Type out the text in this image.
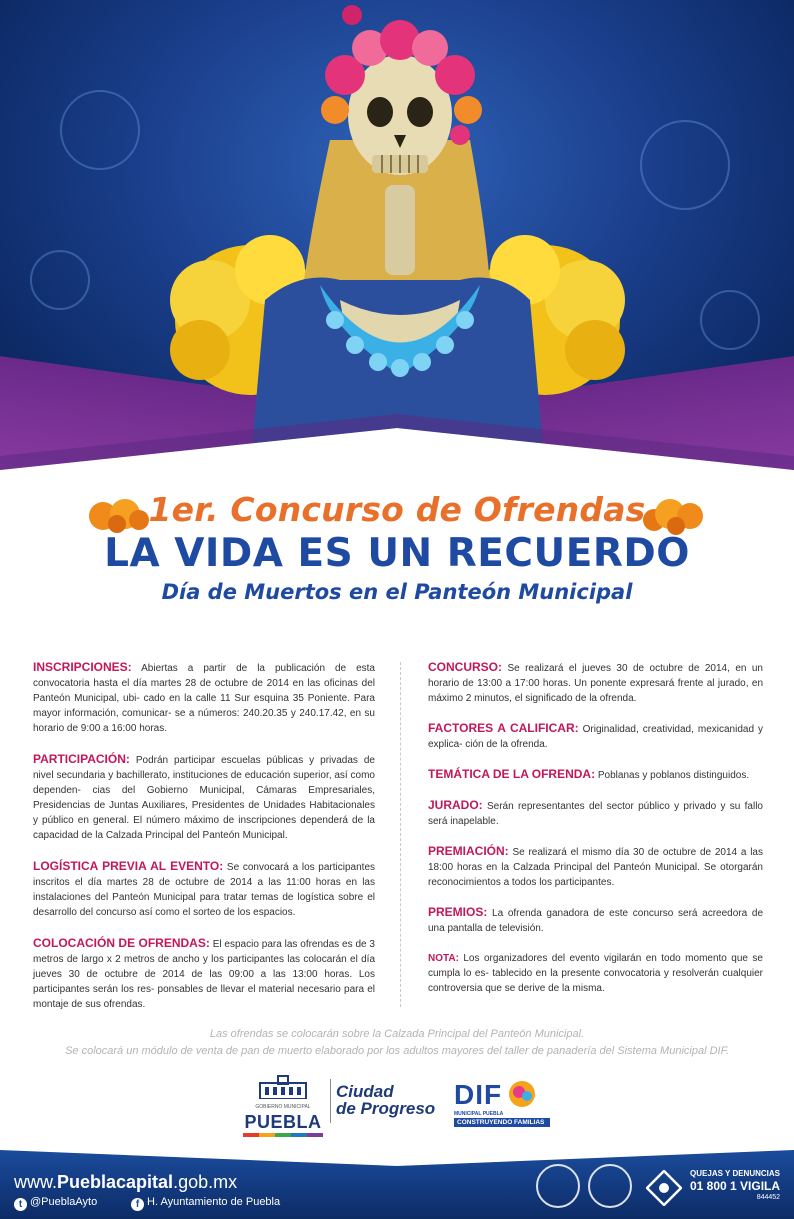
1er. Concurso de Ofrendas
LA VIDA ES UN RECUERDO
Día de Muertos en el Panteón Municipal
INSCRIPCIONES: Abiertas a partir de la publicación de esta convocatoria hasta el día martes 28 de octubre de 2014 en las oficinas del Panteón Municipal, ubi- cado en la calle 11 Sur esquina 35 Poniente. Para mayor información, comunicar- se a números: 240.20.35 y 240.17.42, en su horario de 9:00 a 16:00 horas.
PARTICIPACIÓN: Podrán participar escuelas públicas y privadas de nivel secundaria y bachillerato, instituciones de educación superior, así como dependen- cias del Gobierno Municipal, Cámaras Empresariales, Presidencias de Juntas Auxiliares, Presidentes de Unidades Habitacionales y público en general. El número máximo de inscripciones dependerá de la capacidad de la Calzada Principal del Panteón Municipal.
LOGÍSTICA PREVIA AL EVENTO: Se convocará a los participantes inscritos el día martes 28 de octubre de 2014 a las 11:00 horas en las instalaciones del Panteón Municipal para tratar temas de logística sobre el desarrollo del concurso así como el sorteo de los espacios.
COLOCACIÓN DE OFRENDAS: El espacio para las ofrendas es de 3 metros de largo x 2 metros de ancho y los participantes las colocarán el día jueves 30 de octubre de 2014 de las 09:00 a las 13:00 horas. Los participantes serán los res- ponsables de llevar el material necesario para el montaje de sus ofrendas.
CONCURSO: Se realizará el jueves 30 de octubre de 2014, en un horario de 13:00 a 17:00 horas. Un ponente expresará frente al jurado, en máximo 2 minutos, el significado de la ofrenda.
FACTORES A CALIFICAR: Originalidad, creatividad, mexicanidad y explica- ción de la ofrenda.
TEMÁTICA DE LA OFRENDA: Poblanas y poblanos distinguidos.
JURADO: Serán representantes del sector público y privado y su fallo será inapelable.
PREMIACIÓN: Se realizará el mismo día 30 de octubre de 2014 a las 18:00 horas en la Calzada Principal del Panteón Municipal. Se otorgarán reconocimientos a todos los participantes.
PREMIOS: La ofrenda ganadora de este concurso será acreedora de una pantalla de televisión.
NOTA: Los organizadores del evento vigilarán en todo momento que se cumpla lo es- tablecido en la presente convocatoria y resolverán cualquier controversia que se derive de la misma.
Las ofrendas se colocarán sobre la Calzada Principal del Panteón Municipal.
Se colocará un módulo de venta de pan de muerto elaborado por los adultos mayores del taller de panadería del Sistema Municipal DIF.
GOBIERNO MUNICIPAL
PUEBLA
Ciudad
de Progreso DIF
MUNICIPAL PUEBLA
CONSTRUYENDO FAMILIAS
www.Pueblacapital.gob.mx
t @PueblaAyto	f H. Ayuntamiento de Puebla
QUEJAS Y DENUNCIAS
01 800 1 VIGILA
844452
